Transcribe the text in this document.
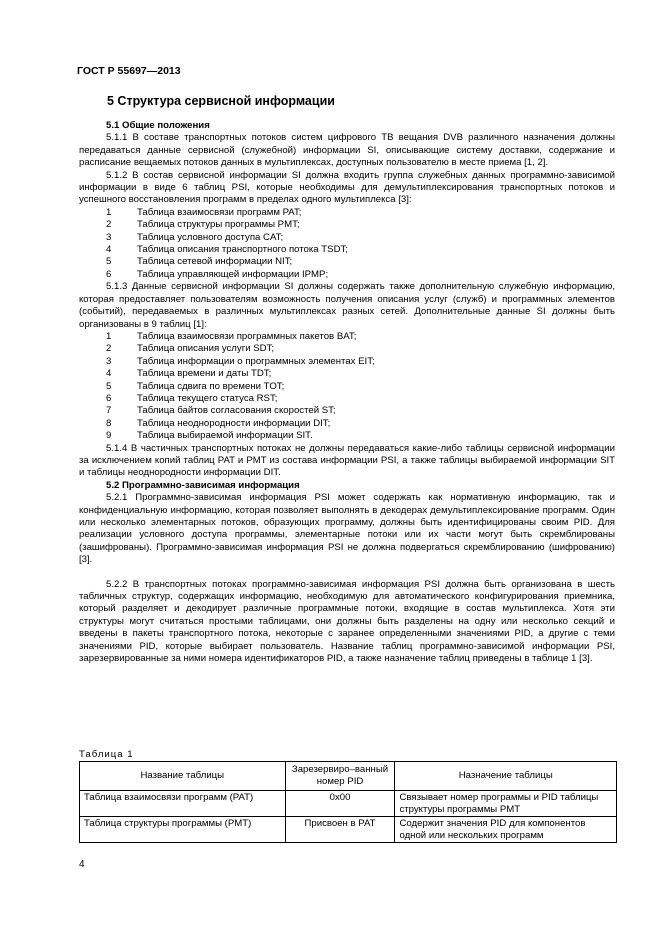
ГОСТ Р 55697—2013
5 Структура сервисной информации

5.1 Общие положения

5.1.1 В составе транспортных потоков систем цифрового ТВ вещания DVB различного назначения должны передаваться данные сервисной (служебной) информации SI, описывающие систему доставки, содержание и расписание вещаемых потоков данных в мультиплексах, доступных пользователю в месте приема [1, 2].

5.1.2 В состав сервисной информации SI должна входить группа служебных данных программно-зависимой информации в виде 6 таблиц PSI, которые необходимы для демультиплексирования транспортных потоков и успешного восстановления программ в пределах одного мультиплекса [3]:

1	Таблица взаимосвязи программ PAT;
2	Таблица структуры программы PMT;
3	Таблица условного доступа CAT;
4	Таблица описания транспортного потока TSDT;
5	Таблица сетевой информации NIT;
6	Таблица управляющей информации IPMP;

5.1.3 Данные сервисной информации SI должны содержать также дополнительную служебную информацию, которая предоставляет пользователям возможность получения описания услуг (служб) и программных элементов (событий), передаваемых в различных мультиплексах разных сетей. Дополнительные данные SI должны быть организованы в 9 таблиц [1]:

1	Таблица взаимосвязи программных пакетов BAT;
2	Таблица описания услуги SDT;
3	Таблица информации о программных элементах EIT;
4	Таблица времени и даты TDT;
5	Таблица сдвига по времени TOT;
6	Таблица текущего статуса RST;
7	Таблица байтов согласования скоростей ST;
8	Таблица неоднородности информации DIT;
9	Таблица выбираемой информации SIT.

5.1.4 В частичных транспортных потоках не должны передаваться какие-либо таблицы сервисной информации за исключением копий таблиц PAT и PMT из состава информации PSI, а также таблицы выбираемой информации SIT и таблицы неоднородности информации DIT.

5.2 Программно-зависимая информация

5.2.1 Программно-зависимая информация PSI может содержать как нормативную информацию, так и конфиденциальную информацию, которая позволяет выполнять в декодерах демультиплексирование программ. Один или несколько элементарных потоков, образующих программу, должны быть идентифицированы своим PID. Для реализации условного доступа программы, элементарные потоки или их части могут быть скремблированы (зашифрованы). Программно-зависимая информация PSI не должна подвергаться скремблированию (шифрованию) [3].

5.2.2 В транспортных потоках программно-зависимая информация PSI должна быть организована в шесть табличных структур, содержащих информацию, необходимую для автоматического конфигурирования приемника, который разделяет и декодирует различные программные потоки, входящие в состав мультиплекса. Хотя эти структуры могут считаться простыми таблицами, они должны быть разделены на одну или несколько секций и введены в пакеты транспортного потока, некоторые с заранее определенными значениями PID, а другие с теми значениями PID, которые выбирает пользователь. Название таблиц программно-зависимой информации PSI, зарезервированные за ними номера идентификаторов PID, а также назначение таблиц приведены в таблице 1 [3].

Таблица 1
Название таблицы	Зарезервиро–ванный номер PID	Назначение таблицы
Таблица взаимосвязи программ (PAT)	0x00	Связывает номер программы и PID таблицы структуры программы PMT
Таблица структуры программы (PMT)	Присвоен в PAT	Содержит значения PID для компонентов одной или нескольких программ
4
